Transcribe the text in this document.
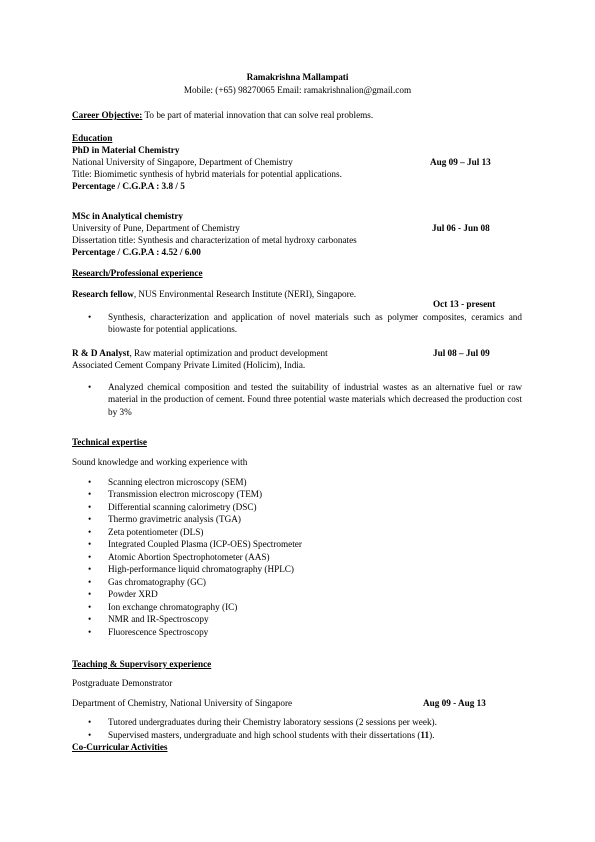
Ramakrishna Mallampati
Mobile: (+65) 98270065 Email: ramakrishnalion@gmail.com
Career Objective: To be part of material innovation that can solve real problems.
Education
PhD in Material Chemistry
National University of Singapore, Department of Chemistry	Aug 09 – Jul 13
Title: Biomimetic synthesis of hybrid materials for potential applications.
Percentage / C.G.P.A : 3.8 / 5
MSc in Analytical chemistry
University of Pune, Department of Chemistry	Jul 06 - Jun 08
Dissertation title: Synthesis and characterization of metal hydroxy carbonates
Percentage / C.G.P.A : 4.52 / 6.00
Research/Professional experience
Research fellow, NUS Environmental Research Institute (NERI), Singapore.
Oct 13 - present
• Synthesis, characterization and application of novel materials such as polymer composites, ceramics and biowaste for potential applications.
R & D Analyst, Raw material optimization and product development	Jul 08 – Jul 09
Associated Cement Company Private Limited (Holicim), India.
• Analyzed chemical composition and tested the suitability of industrial wastes as an alternative fuel or raw material in the production of cement. Found three potential waste materials which decreased the production cost by 3%
Technical expertise
Sound knowledge and working experience with
• Scanning electron microscopy (SEM)
• Transmission electron microscopy (TEM)
• Differential scanning calorimetry (DSC)
• Thermo gravimetric analysis (TGA)
• Zeta potentiometer (DLS)
• Integrated Coupled Plasma (ICP-OES) Spectrometer
• Atomic Abortion Spectrophotometer (AAS)
• High-performance liquid chromatography (HPLC)
• Gas chromatography (GC)
• Powder XRD
• Ion exchange chromatography (IC)
• NMR and IR-Spectroscopy
• Fluorescence Spectroscopy
Teaching & Supervisory experience
Postgraduate Demonstrator
Department of Chemistry, National University of Singapore	Aug 09 - Aug 13
• Tutored undergraduates during their Chemistry laboratory sessions (2 sessions per week).
• Supervised masters, undergraduate and high school students with their dissertations (11).
Co-Curricular Activities
